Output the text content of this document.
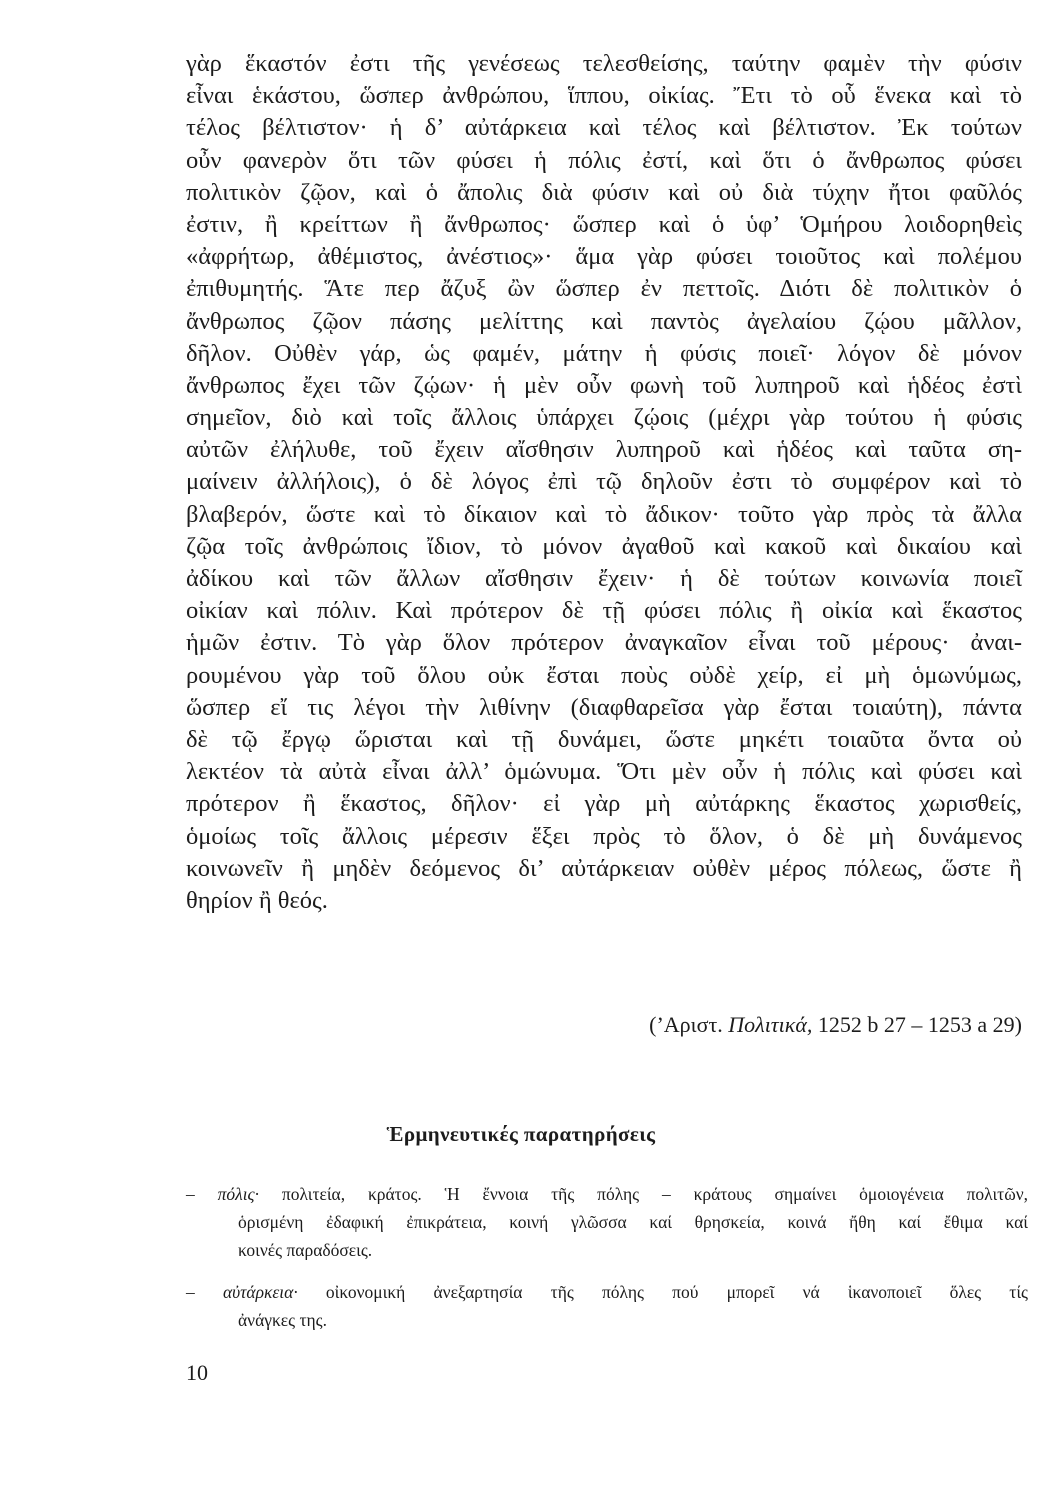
γὰρ ἕκαστόν ἐστι τῆς γενέσεως τελεσθείσης, ταύτην φαμὲν τὴν φύσιν
εἶναι ἑκάστου, ὥσπερ ἀνθρώπου, ἵππου, οἰκίας. Ἔτι τὸ οὗ ἕνεκα καὶ τὸ
τέλος βέλτιστον· ἡ δ’ αὐτάρκεια καὶ τέλος καὶ βέλτιστον. Ἐκ τούτων
οὖν φανερὸν ὅτι τῶν φύσει ἡ πόλις ἐστί, καὶ ὅτι ὁ ἄνθρωπος φύσει
πολιτικὸν ζῷον, καὶ ὁ ἄπολις διὰ φύσιν καὶ οὐ διὰ τύχην ἤτοι φαῦλός
ἐστιν, ἢ κρείττων ἢ ἄνθρωπος· ὥσπερ καὶ ὁ ὑφ’ Ὁμήρου λοιδορηθεὶς
«ἀφρήτωρ, ἀθέμιστος, ἀνέστιος»· ἅμα γὰρ φύσει τοιοῦτος καὶ πολέμου
ἐπιθυμητής. Ἅτε περ ἄζυξ ὢν ὥσπερ ἐν πεττοῖς. Διότι δὲ πολιτικὸν ὁ
ἄνθρωπος ζῷον πάσης μελίττης καὶ παντὸς ἀγελαίου ζῴου μᾶλλον,
δῆλον. Οὐθὲν γάρ, ὡς φαμέν, μάτην ἡ φύσις ποιεῖ· λόγον δὲ μόνον
ἄνθρωπος ἔχει τῶν ζῴων· ἡ μὲν οὖν φωνὴ τοῦ λυπηροῦ καὶ ἡδέος ἐστὶ
σημεῖον, διὸ καὶ τοῖς ἄλλοις ὑπάρχει ζῴοις (μέχρι γὰρ τούτου ἡ φύσις
αὐτῶν ἐλήλυθε, τοῦ ἔχειν αἴσθησιν λυπηροῦ καὶ ἡδέος καὶ ταῦτα ση-
μαίνειν ἀλλήλοις), ὁ δὲ λόγος ἐπὶ τῷ δηλοῦν ἐστι τὸ συμφέρον καὶ τὸ
βλαβερόν, ὥστε καὶ τὸ δίκαιον καὶ τὸ ἄδικον· τοῦτο γὰρ πρὸς τὰ ἄλλα
ζῷα τοῖς ἀνθρώποις ἴδιον, τὸ μόνον ἀγαθοῦ καὶ κακοῦ καὶ δικαίου καὶ
ἀδίκου καὶ τῶν ἄλλων αἴσθησιν ἔχειν· ἡ δὲ τούτων κοινωνία ποιεῖ
οἰκίαν καὶ πόλιν. Καὶ πρότερον δὲ τῇ φύσει πόλις ἢ οἰκία καὶ ἕκαστος
ἡμῶν ἐστιν. Τὸ γὰρ ὅλον πρότερον ἀναγκαῖον εἶναι τοῦ μέρους· ἀναι-
ρουμένου γὰρ τοῦ ὅλου οὐκ ἔσται ποὺς οὐδὲ χείρ, εἰ μὴ ὁμωνύμως,
ὥσπερ εἴ τις λέγοι τὴν λιθίνην (διαφθαρεῖσα γὰρ ἔσται τοιαύτη), πάντα
δὲ τῷ ἔργῳ ὥρισται καὶ τῇ δυνάμει, ὥστε μηκέτι τοιαῦτα ὄντα οὐ
λεκτέον τὰ αὐτὰ εἶναι ἀλλ’ ὁμώνυμα. Ὅτι μὲν οὖν ἡ πόλις καὶ φύσει καὶ
πρότερον ἢ ἕκαστος, δῆλον· εἰ γὰρ μὴ αὐτάρκης ἕκαστος χωρισθείς,
ὁμοίως τοῖς ἄλλοις μέρεσιν ἕξει πρὸς τὸ ὅλον, ὁ δὲ μὴ δυνάμενος
κοινωνεῖν ἢ μηδὲν δεόμενος δι’ αὐτάρκειαν οὐθὲν μέρος πόλεως, ὥστε ἢ
θηρίον ἢ θεός.
(’Αριστ. Πολιτικά, 1252 b 27 – 1253 a 29)
Ἑρμηνευτικές παρατηρήσεις
– πόλις· πολιτεία, κράτος. Ἡ ἔννοια τῆς πόλης – κράτους σημαίνει ὁμοιογένεια πολιτῶν,
ὁρισμένη ἐδαφική ἐπικράτεια, κοινή γλῶσσα καί θρησκεία, κοινά ἤθη καί ἔθιμα καί
κοινές παραδόσεις.
– αὐτάρκεια· οἰκονομική ἀνεξαρτησία τῆς πόλης πού μπορεῖ νά ἱκανοποιεῖ ὅλες τίς
ἀνάγκες της.
10
